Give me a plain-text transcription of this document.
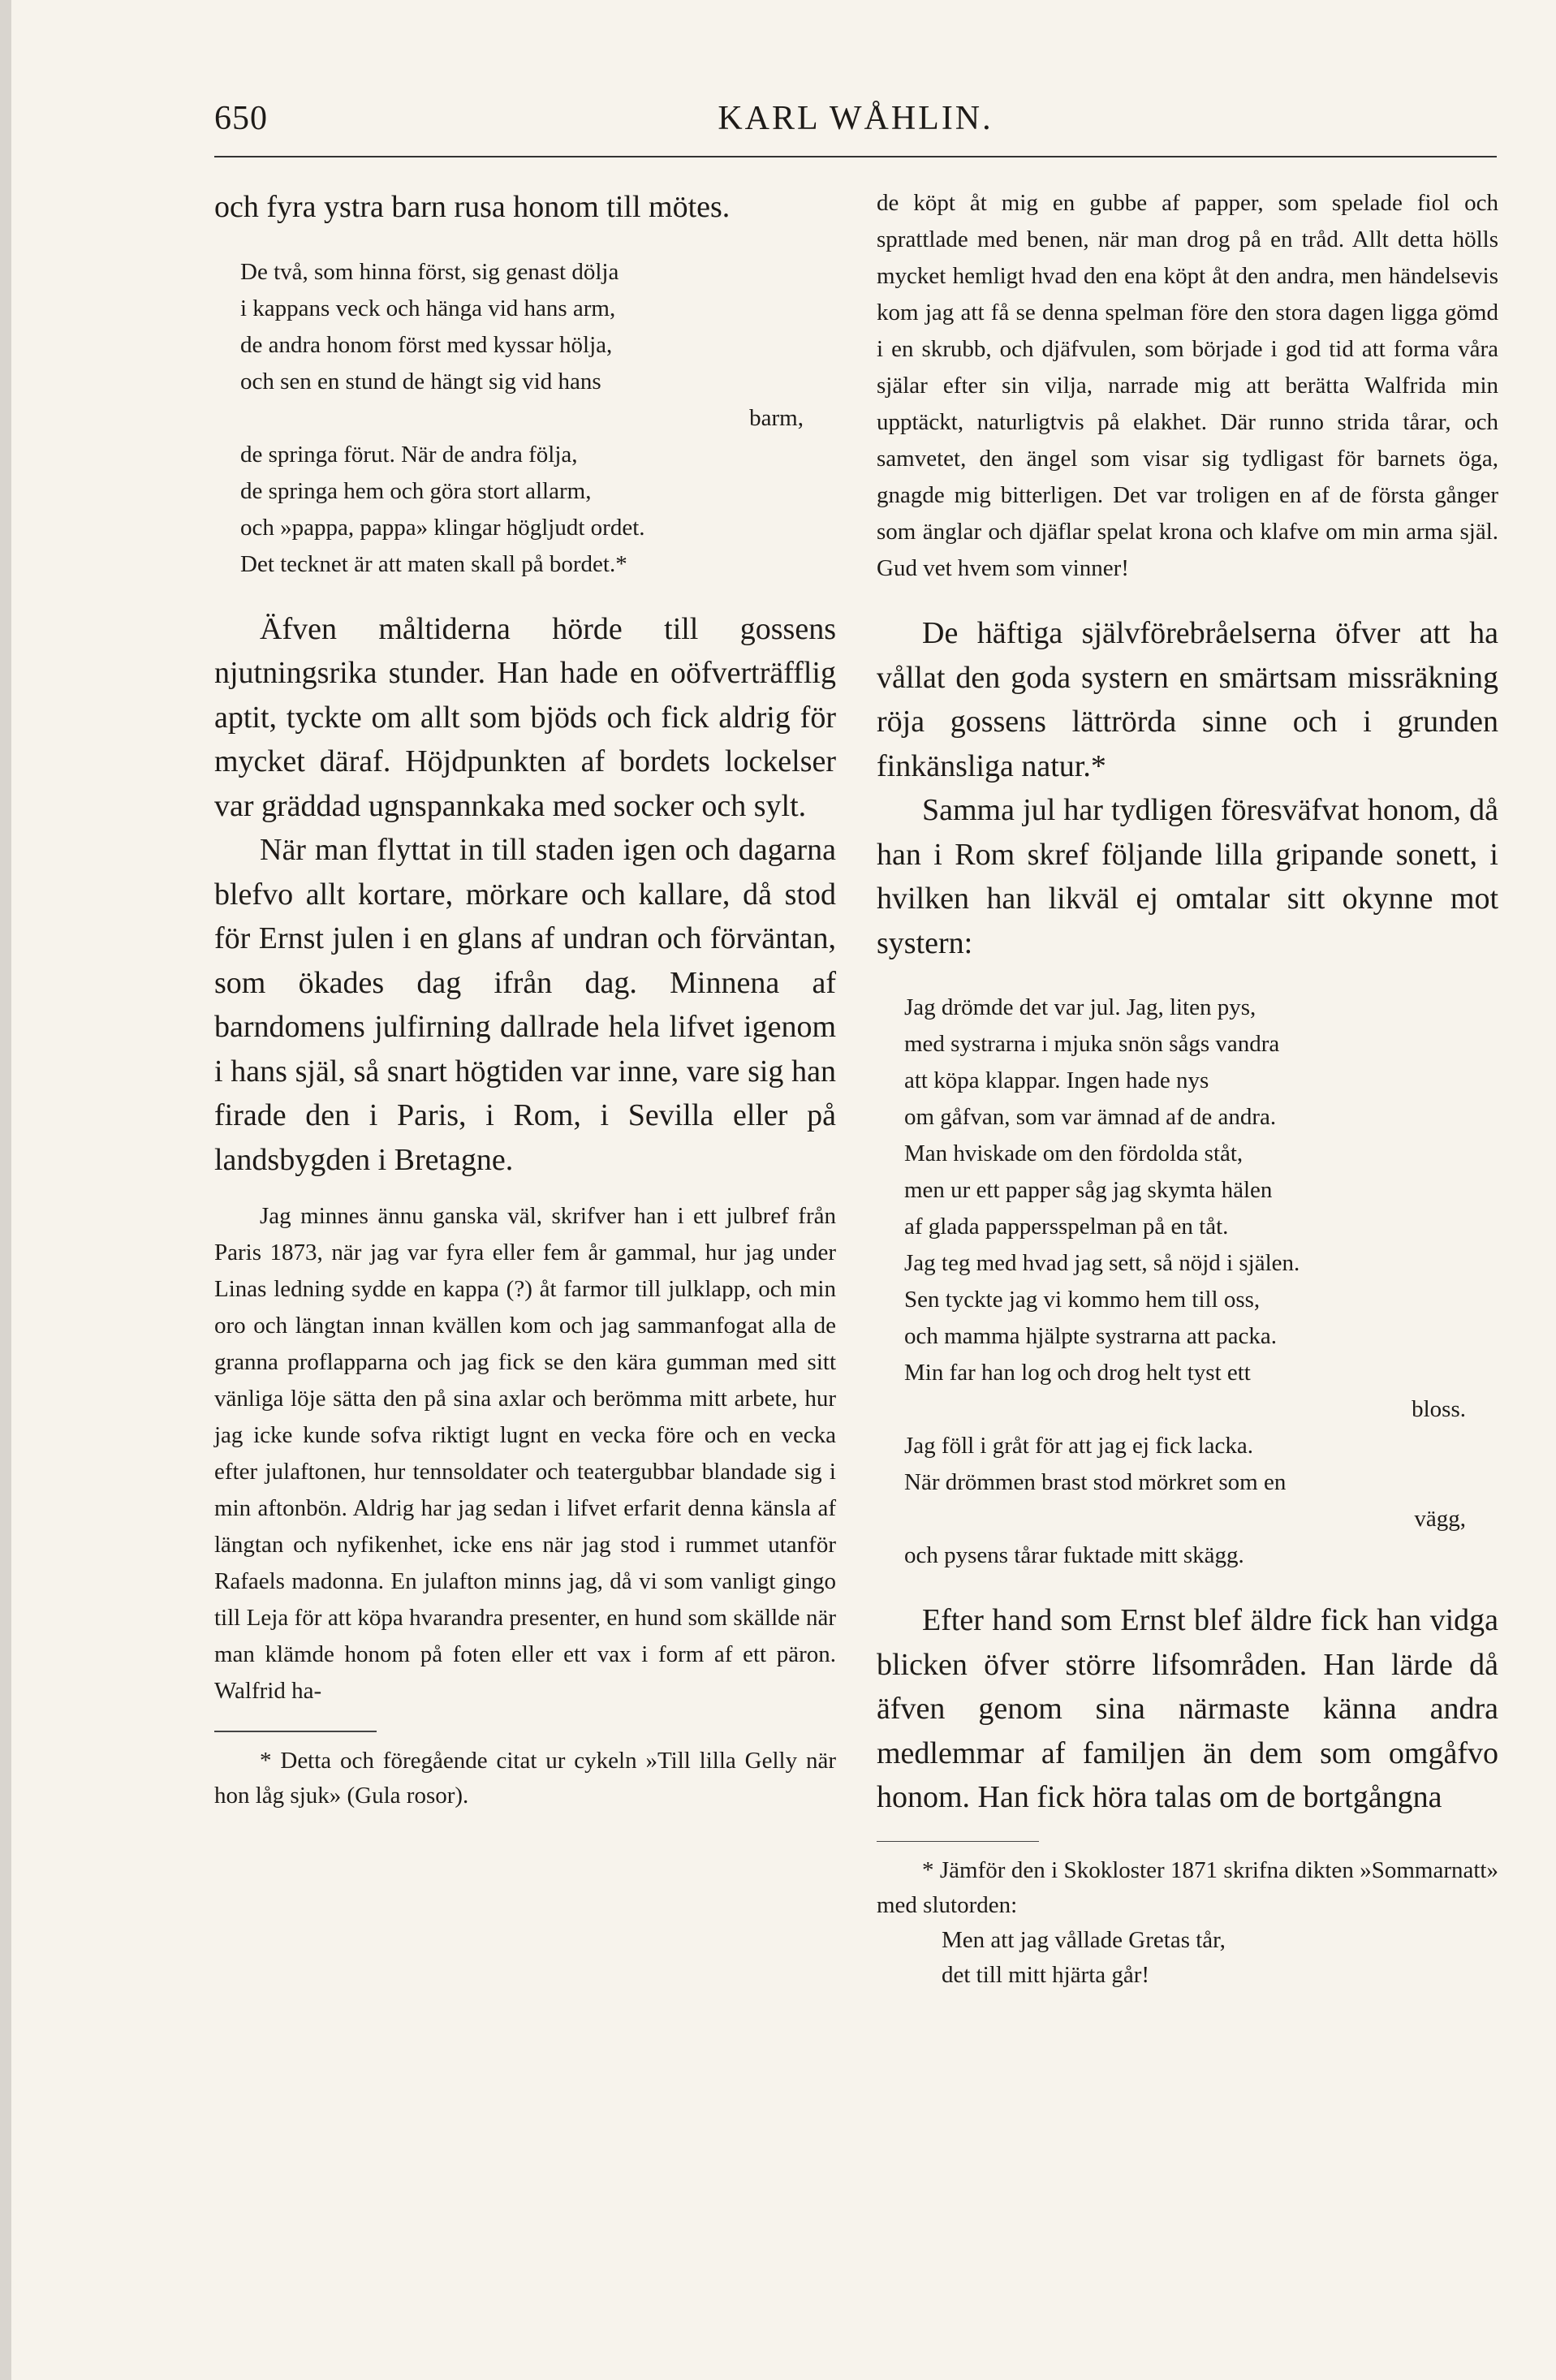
650	KARL WÅHLIN.

och fyra ystra barn rusa honom till mötes.

De två, som hinna först, sig genast dölja
i kappans veck och hänga vid hans arm,
de andra honom först med kyssar hölja,
och sen en stund de hängt sig vid hans
barm,
de springa förut. När de andra följa,
de springa hem och göra stort allarm,
och »pappa, pappa» klingar högljudt ordet.
Det tecknet är att maten skall på bordet.*

Äfven måltiderna hörde till gossens njutningsrika stunder. Han hade en oöfverträfflig aptit, tyckte om allt som bjöds och fick aldrig för mycket däraf. Höjdpunkten af bordets lockelser var gräddad ugnspannkaka med socker och sylt.

När man flyttat in till staden igen och dagarna blefvo allt kortare, mörkare och kallare, då stod för Ernst julen i en glans af undran och förväntan, som ökades dag ifrån dag. Minnena af barndomens julfirning dallrade hela lifvet igenom i hans själ, så snart högtiden var inne, vare sig han firade den i Paris, i Rom, i Sevilla eller på landsbygden i Bretagne.

Jag minnes ännu ganska väl, skrifver han i ett julbref från Paris 1873, när jag var fyra eller fem år gammal, hur jag under Linas ledning sydde en kappa (?) åt farmor till julklapp, och min oro och längtan innan kvällen kom och jag sammanfogat alla de granna proflapparna och jag fick se den kära gumman med sitt vänliga löje sätta den på sina axlar och berömma mitt arbete, hur jag icke kunde sofva riktigt lugnt en vecka före och en vecka efter julaftonen, hur tennsoldater och teatergubbar blandade sig i min aftonbön. Aldrig har jag sedan i lifvet erfarit denna känsla af längtan och nyfikenhet, icke ens när jag stod i rummet utanför Rafaels madonna. En julafton minns jag, då vi som vanligt gingo till Leja för att köpa hvarandra presenter, en hund som skällde när man klämde honom på foten eller ett vax i form af ett päron. Walfrid ha-

* Detta och föregående citat ur cykeln »Till lilla Gelly när hon låg sjuk» (Gula rosor).

de köpt åt mig en gubbe af papper, som spelade fiol och sprattlade med benen, när man drog på en tråd. Allt detta hölls mycket hemligt hvad den ena köpt åt den andra, men händelsevis kom jag att få se denna spelman före den stora dagen ligga gömd i en skrubb, och djäfvulen, som började i god tid att forma våra själar efter sin vilja, narrade mig att berätta Walfrida min upptäckt, naturligtvis på elakhet. Där runno strida tårar, och samvetet, den ängel som visar sig tydligast för barnets öga, gnagde mig bitterligen. Det var troligen en af de första gånger som änglar och djäflar spelat krona och klafve om min arma själ. Gud vet hvem som vinner!

De häftiga självförebråelserna öfver att ha vållat den goda systern en smärtsam missräkning röja gossens lättrörda sinne och i grunden finkänsliga natur.*

Samma jul har tydligen föresväfvat honom, då han i Rom skref följande lilla gripande sonett, i hvilken han likväl ej omtalar sitt okynne mot systern:

Jag drömde det var jul. Jag, liten pys,
med systrarna i mjuka snön sågs vandra
att köpa klappar. Ingen hade nys
om gåfvan, som var ämnad af de andra.
Man hviskade om den fördolda ståt,
men ur ett papper såg jag skymta hälen
af glada pappersspelman på en tåt.
Jag teg med hvad jag sett, så nöjd i själen.
Sen tyckte jag vi kommo hem till oss,
och mamma hjälpte systrarna att packa.
Min far han log och drog helt tyst ett
bloss.
Jag föll i gråt för att jag ej fick lacka.
När drömmen brast stod mörkret som en
vägg,
och pysens tårar fuktade mitt skägg.

Efter hand som Ernst blef äldre fick han vidga blicken öfver större lifsområden. Han lärde då äfven genom sina närmaste känna andra medlemmar af familjen än dem som omgåfvo honom. Han fick höra talas om de bortgångna

* Jämför den i Skokloster 1871 skrifna dikten »Sommarnatt» med slutorden:

Men att jag vållade Gretas tår,
det till mitt hjärta går!
